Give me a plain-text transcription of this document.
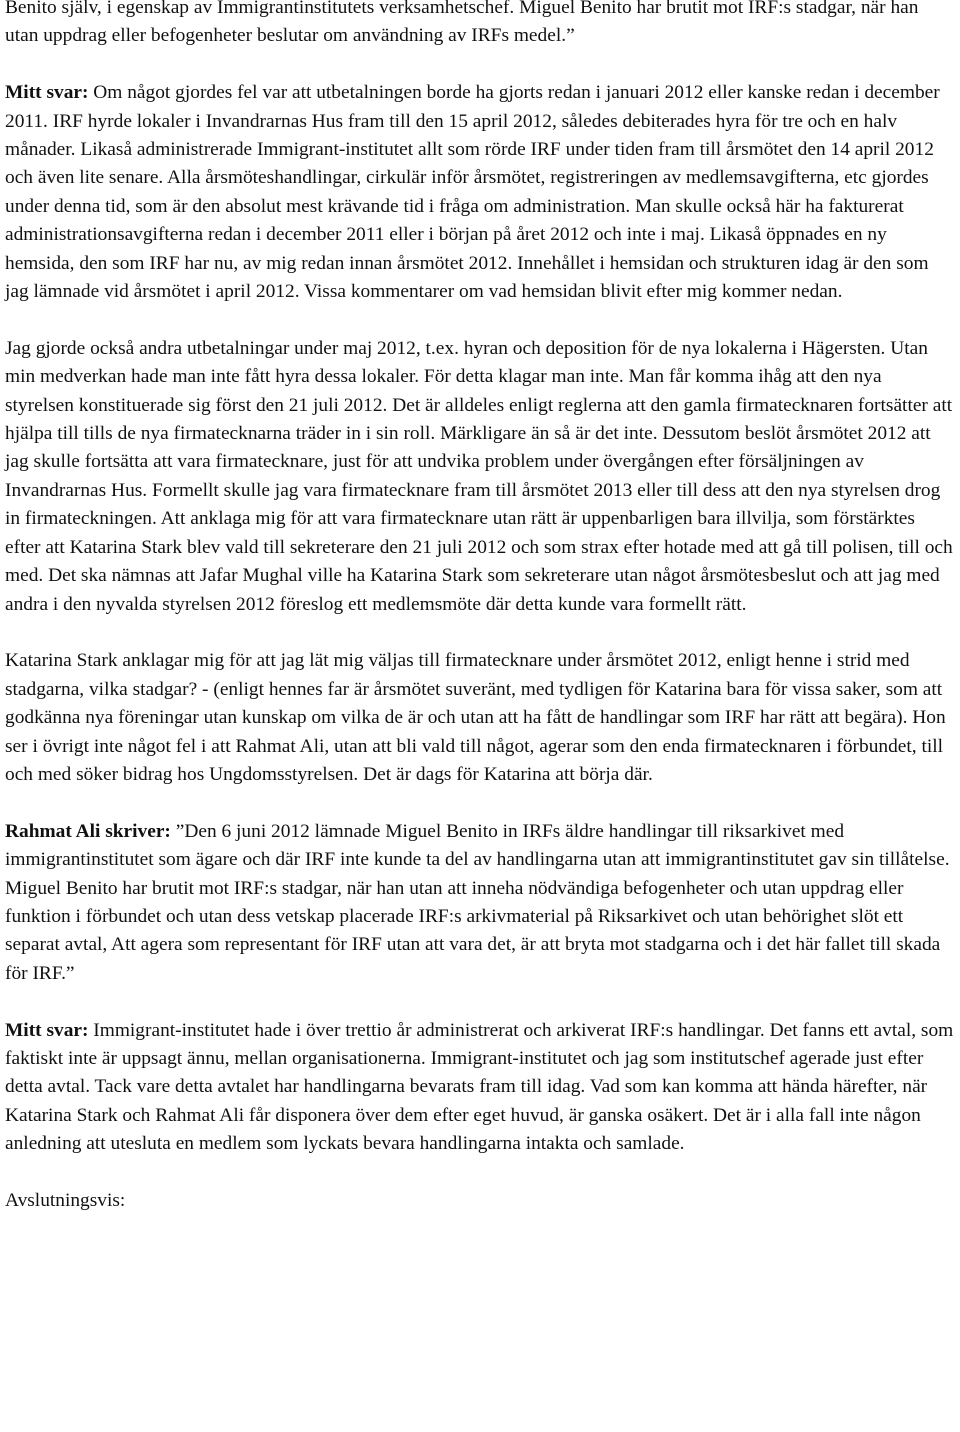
Benito själv, i egenskap av Immigrantinstitutets verksamhetschef. Miguel Benito har brutit mot IRF:s stadgar, när han utan uppdrag eller befogenheter beslutar om användning av IRFs medel.”

Mitt svar: Om något gjordes fel var att utbetalningen borde ha gjorts redan i januari 2012 eller kanske redan i december 2011. IRF hyrde lokaler i Invandrarnas Hus fram till den 15 april 2012, således debiterades hyra för tre och en halv månader. Likaså administrerade Immigrant-institutet allt som rörde IRF under tiden fram till årsmötet den 14 april 2012 och även lite senare. Alla årsmöteshandlingar, cirkulär inför årsmötet, registreringen av medlemsavgifterna, etc gjordes under denna tid, som är den absolut mest krävande tid i fråga om administration. Man skulle också här ha fakturerat administrationsavgifterna redan i december 2011 eller i början på året 2012 och inte i maj. Likaså öppnades en ny hemsida, den som IRF har nu, av mig redan innan årsmötet 2012. Innehållet i hemsidan och strukturen idag är den som jag lämnade vid årsmötet i april 2012. Vissa kommentarer om vad hemsidan blivit efter mig kommer nedan.

Jag gjorde också andra utbetalningar under maj 2012, t.ex. hyran och deposition för de nya lokalerna i Hägersten. Utan min medverkan hade man inte fått hyra dessa lokaler. För detta klagar man inte. Man får komma ihåg att den nya styrelsen konstituerade sig först den 21 juli 2012. Det är alldeles enligt reglerna att den gamla firmatecknaren fortsätter att hjälpa till tills de nya firmatecknarna träder in i sin roll. Märkligare än så är det inte. Dessutom beslöt årsmötet 2012 att jag skulle fortsätta att vara firmatecknare, just för att undvika problem under övergången efter försäljningen av Invandrarnas Hus. Formellt skulle jag vara firmatecknare fram till årsmötet 2013 eller till dess att den nya styrelsen drog in firmateckningen. Att anklaga mig för att vara firmatecknare utan rätt är uppenbarligen bara illvilja, som förstärktes efter att Katarina Stark blev vald till sekreterare den 21 juli 2012 och som strax efter hotade med att gå till polisen, till och med. Det ska nämnas att Jafar Mughal ville ha Katarina Stark som sekreterare utan något årsmötesbeslut och att jag med andra i den nyvalda styrelsen 2012 föreslog ett medlemsmöte där detta kunde vara formellt rätt.

Katarina Stark anklagar mig för att jag lät mig väljas till firmatecknare under årsmötet 2012, enligt henne i strid med stadgarna, vilka stadgar? - (enligt hennes far är årsmötet suveränt, med tydligen för Katarina bara för vissa saker, som att godkänna nya föreningar utan kunskap om vilka de är och utan att ha fått de handlingar som IRF har rätt att begära). Hon ser i övrigt inte något fel i att Rahmat Ali, utan att bli vald till något, agerar som den enda firmatecknaren i förbundet, till och med söker bidrag hos Ungdomsstyrelsen. Det är dags för Katarina att börja där.

Rahmat Ali skriver: ”Den 6 juni 2012 lämnade Miguel Benito in IRFs äldre handlingar till riksarkivet med immigrantinstitutet som ägare och där IRF inte kunde ta del av handlingarna utan att immigrantinstitutet gav sin tillåtelse. Miguel Benito har brutit mot IRF:s stadgar, när han utan att inneha nödvändiga befogenheter och utan uppdrag eller funktion i förbundet och utan dess vetskap placerade IRF:s arkivmaterial på Riksarkivet och utan behörighet slöt ett separat avtal, Att agera som representant för IRF utan att vara det, är att bryta mot stadgarna och i det här fallet till skada för IRF.”

Mitt svar: Immigrant-institutet hade i över trettio år administrerat och arkiverat IRF:s handlingar. Det fanns ett avtal, som faktiskt inte är uppsagt ännu, mellan organisationerna. Immigrant-institutet och jag som institutschef agerade just efter detta avtal. Tack vare detta avtalet har handlingarna bevarats fram till idag. Vad som kan komma att hända härefter, när Katarina Stark och Rahmat Ali får disponera över dem efter eget huvud, är ganska osäkert. Det är i alla fall inte någon anledning att utesluta en medlem som lyckats bevara handlingarna intakta och samlade.

Avslutningsvis:
